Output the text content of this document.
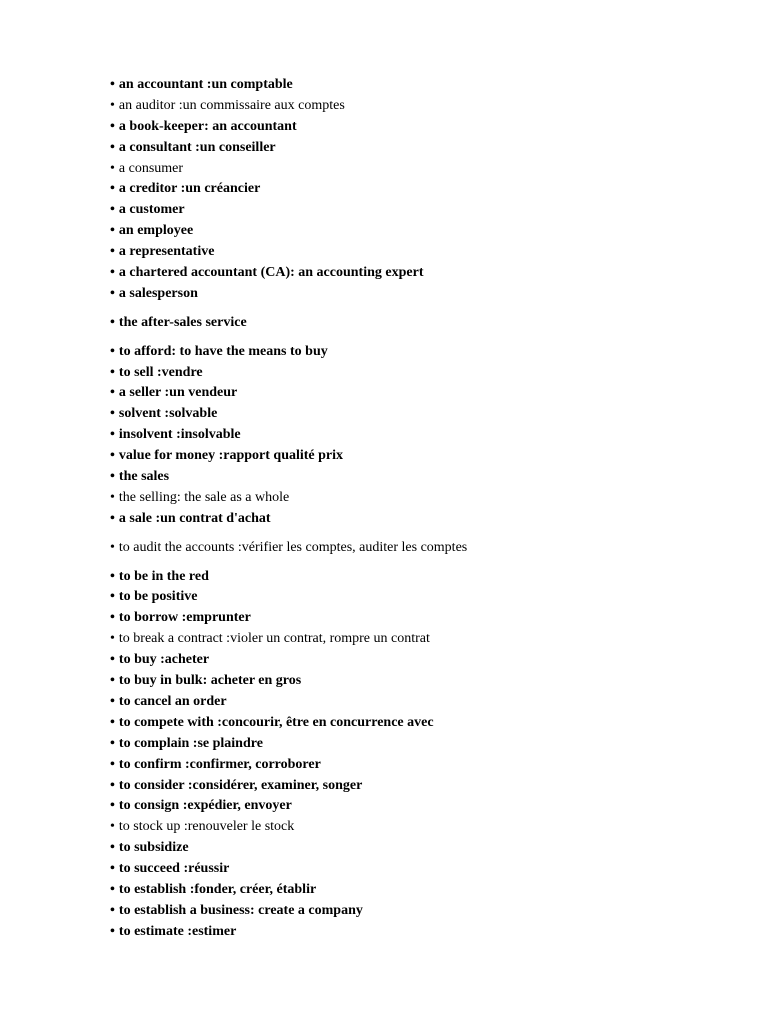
• an accountant :un comptable
• an auditor :un commissaire aux comptes
• a book-keeper: an accountant
• a consultant :un conseiller
• a consumer
• a creditor :un créancier
• a customer
• an employee
• a representative
• a chartered accountant (CA): an accounting expert
• a salesperson
• the after-sales service
• to afford: to have the means to buy
• to sell :vendre
• a seller :un vendeur
• solvent :solvable
• insolvent :insolvable
• value for money :rapport qualité prix
• the sales
• the selling: the sale as a whole
• a sale :un contrat d'achat
• to audit the accounts :vérifier les comptes, auditer les comptes
• to be in the red
• to be positive
• to borrow :emprunter
• to break a contract :violer un contrat, rompre un contrat
• to buy :acheter
• to buy in bulk: acheter en gros
• to cancel an order
• to compete with :concourir, être en concurrence avec
• to complain :se plaindre
• to confirm :confirmer, corroborer
• to consider :considérer, examiner, songer
• to consign :expédier, envoyer
• to stock up :renouveler le stock
• to subsidize
• to succeed :réussir
• to establish :fonder, créer, établir
• to establish a business: create a company
• to estimate :estimer
